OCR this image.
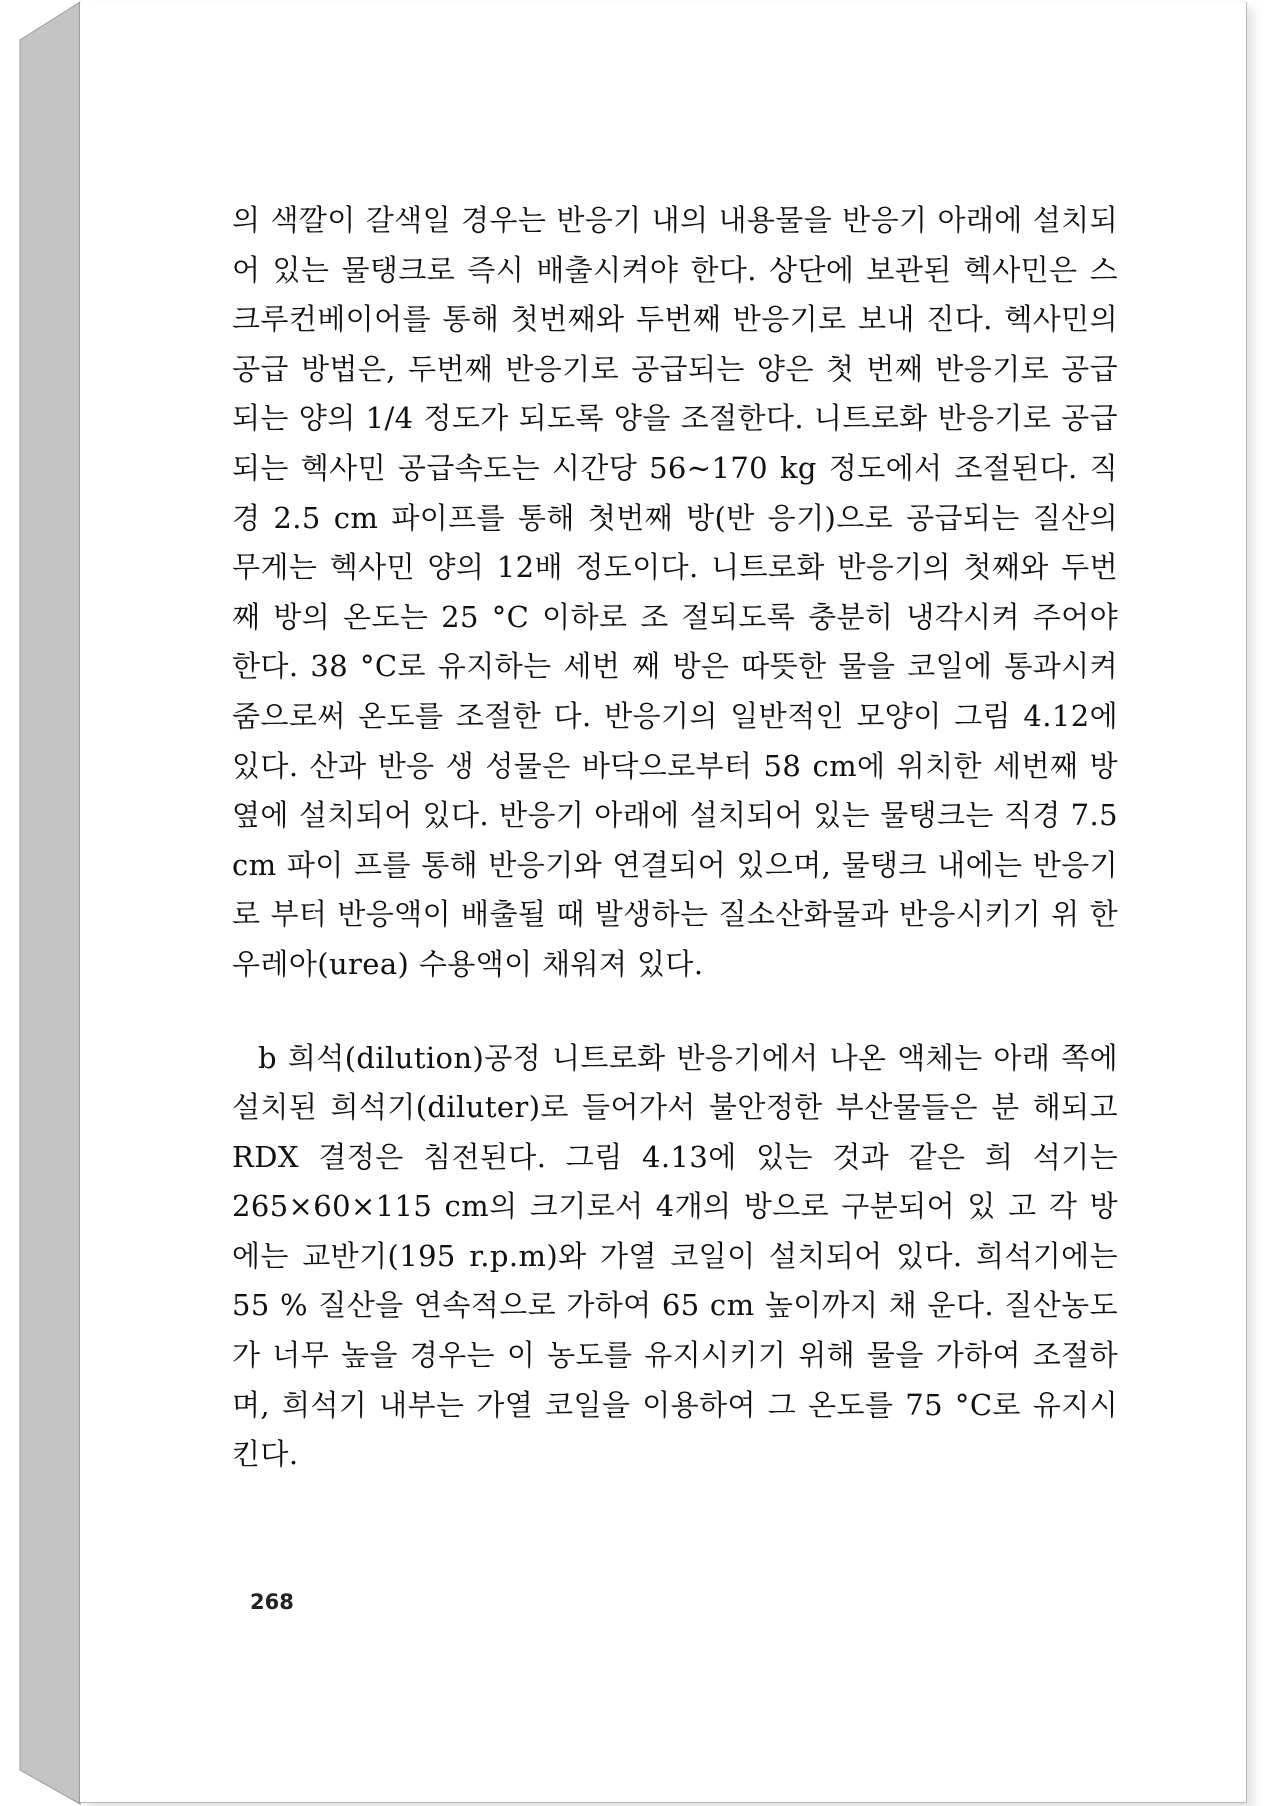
의 색깔이 갈색일 경우는 반응기 내의 내용물을 반응기 아래에 설치되어 있는 물탱크로 즉시 배출시켜야 한다. 상단에 보관된 헥사민은 스크루컨베이어를 통해 첫번째와 두번째 반응기로 보내 진다. 헥사민의 공급 방법은, 두번째 반응기로 공급되는 양은 첫 번째 반응기로 공급되는 양의 1/4 정도가 되도록 양을 조절한다. 니트로화 반응기로 공급되는 헥사민 공급속도는 시간당 56∼170 kg 정도에서 조절된다. 직경 2.5 cm 파이프를 통해 첫번째 방(반 응기)으로 공급되는 질산의 무게는 헥사민 양의 12배 정도이다. 니트로화 반응기의 첫째와 두번째 방의 온도는 25 °C 이하로 조 절되도록 충분히 냉각시켜 주어야 한다. 38 °C로 유지하는 세번 째 방은 따뜻한 물을 코일에 통과시켜 줌으로써 온도를 조절한 다. 반응기의 일반적인 모양이 그림 4.12에 있다. 산과 반응 생 성물은 바닥으로부터 58 cm에 위치한 세번째 방 옆에 설치되어 있다. 반응기 아래에 설치되어 있는 물탱크는 직경 7.5 cm 파이 프를 통해 반응기와 연결되어 있으며, 물탱크 내에는 반응기로 부터 반응액이 배출될 때 발생하는 질소산화물과 반응시키기 위 한 우레아(urea) 수용액이 채워져 있다.

b 희석(dilution)공정 니트로화 반응기에서 나온 액체는 아래 쪽에 설치된 희석기(diluter)로 들어가서 불안정한 부산물들은 분 해되고 RDX 결정은 침전된다. 그림 4.13에 있는 것과 같은 희 석기는 265×60×115 cm의 크기로서 4개의 방으로 구분되어 있 고 각 방에는 교반기(195 r.p.m)와 가열 코일이 설치되어 있다. 희석기에는 55 % 질산을 연속적으로 가하여 65 cm 높이까지 채 운다. 질산농도가 너무 높을 경우는 이 농도를 유지시키기 위해 물을 가하여 조절하며, 희석기 내부는 가열 코일을 이용하여 그 온도를 75 °C로 유지시킨다.

268
